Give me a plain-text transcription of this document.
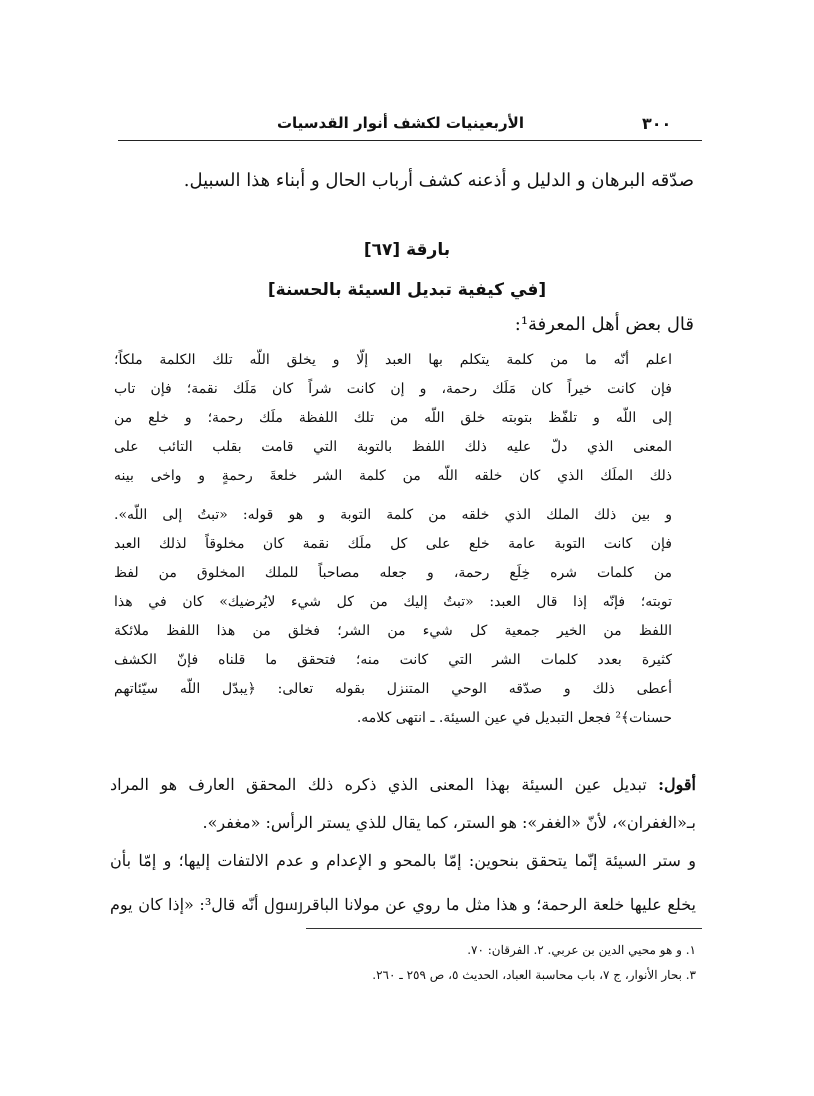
٣٠٠
الأربعينيات لكشف أنوار القدسيات
صدّقه البرهان و الدليل و أذعنه كشف أرباب الحال و أبناء هذا السبيل.
بارقة [٦٧]
[في كيفية تبديل السيئة بالحسنة]
قال بعض أهل المعرفة¹:
اعلم أنّه ما من كلمة يتكلم بها العبد إلّا و يخلق اللّه تلك الكلمة ملكاً؛
فإن كانت خيراً كان مَلَك رحمة، و إن كانت شراً كان مَلَك نقمة؛ فإن تاب
إلى اللّه و تلفّظ بتوبته خلق اللّه من تلك اللفظة ملَك رحمة؛ و خلع من
المعنى الذي دلّ عليه ذلك اللفظ بالتوبة التي قامت بقلب التائب على
ذلك الملَك الذي كان خلقه اللّه من كلمة الشر خلعةَ رحمةٍ و واخى بينه
و بين ذلك الملك الذي خلقه من كلمة التوبة و هو قوله: «تبتُ إلى اللّه».
فإن كانت التوبة عامة خلع على كل ملَك نقمة كان مخلوقاً لذلك العبد
من كلمات شره خِلَع رحمة، و جعله مصاحباً للملك المخلوق من لفظ
توبته؛ فإنّه إذا قال العبد: «تبتُ إليك من كل شيء لايُرضيك» كان في هذا
اللفظ من الخير جمعية كل شيء من الشر؛ فخلق من هذا اللفظ ملائكة
كثيرة بعدد كلمات الشر التي كانت منه؛ فتحقق ما قلناه فإنّ الكشف
أعطى ذلك و صدّقه الوحي المتنزل بقوله تعالى: ﴿يبدّل اللّه سيّئاتهم
حسنات﴾² فجعل التبديل في عين السيئة. ـ انتهى كلامه.
أقول: تبديل عين السيئة بهذا المعنى الذي ذكره ذلك المحقق العارف هو المراد
بـ«الغفران»، لأنّ «الغفر»: هو الستر، كما يقال للذي يستر الرأس: «مغفر».
و ستر السيئة إنّما يتحقق بنحوين: إمّا بالمحو و الإعدام و عدم الالتفات إليها؛ و إمّا بأن
يخلع عليها خلعة الرحمة؛ و هذا مثل ما روي عن مولانا الباقرﷶ أنّه قال³: «إذا كان يوم
١. و هو محيي الدين بن عربي. ٢. الفرقان: ٧٠.
٣. بحار الأنوار، ج ٧، باب محاسبة العباد، الحديث ٥، ص ٢٥٩ ـ ٢٦٠.
